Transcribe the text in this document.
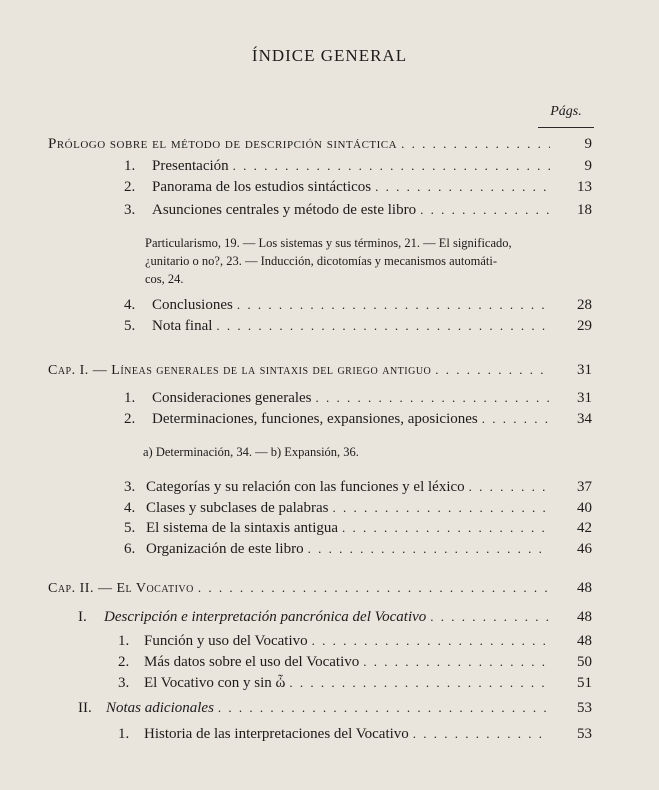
ÍNDICE GENERAL
Págs.
Prólogo sobre el método de descripción sintáctica . . .	9
1.	Presentación . . .	9
2.	Panorama de los estudios sintácticos . . .	13
3.	Asunciones centrales y método de este libro . . .	18
Particularismo, 19. — Los sistemas y sus términos, 21. — El significado,
¿unitario o no?, 23. — Inducción, dicotomías y mecanismos automáti-
cos, 24.
4.	Conclusiones . . .	28
5.	Nota final . . .	29
Cap. I. — Líneas generales de la sintaxis del griego antiguo . . .	31
1.	Consideraciones generales . . .	31
2.	Determinaciones, funciones, expansiones, aposiciones . . .	34
a) Determinación, 34. — b) Expansión, 36.
3. Categorías y su relación con las funciones y el léxico . . .	37
4. Clases y subclases de palabras . . .	40
5. El sistema de la sintaxis antigua . . .	42
6. Organización de este libro . . .	46
Cap. II. — El Vocativo . . .	48
I.	Descripción e interpretación pancrónica del Vocativo . . .	48
1. Función y uso del Vocativo . . .	48
2. Más datos sobre el uso del Vocativo . . .	50
3. El Vocativo con y sin ὦ . . .	51
II. Notas adicionales . . .	53
1. Historia de las interpretaciones del Vocativo . . .	53
